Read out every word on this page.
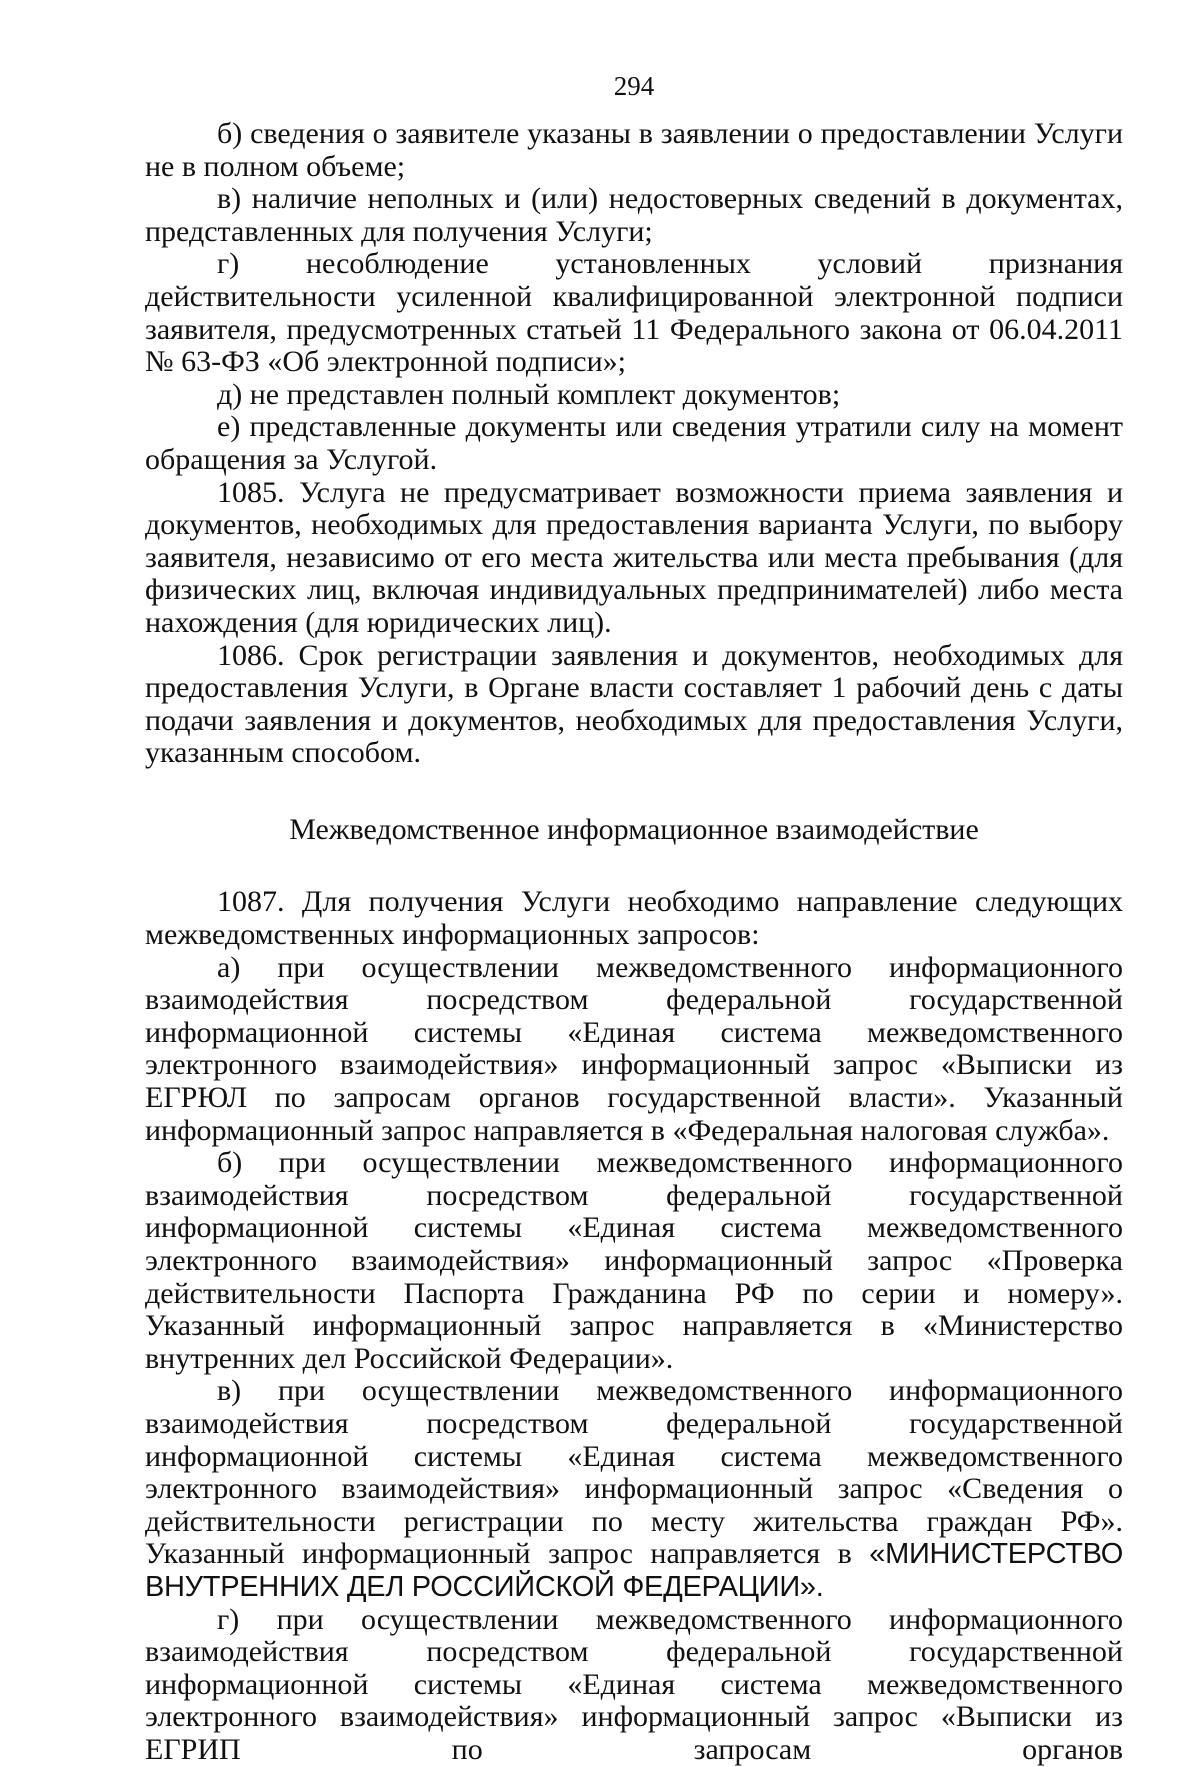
294

б) сведения о заявителе указаны в заявлении о предоставлении Услуги не в полном объеме;

в) наличие неполных и (или) недостоверных сведений в документах, представленных для получения Услуги;

г) несоблюдение установленных условий признания действительности усиленной квалифицированной электронной подписи заявителя, предусмотренных статьей 11 Федерального закона от 06.04.2011 № 63-ФЗ «Об электронной подписи»;

д) не представлен полный комплект документов;

е) представленные документы или сведения утратили силу на момент обращения за Услугой.

1085. Услуга не предусматривает возможности приема заявления и документов, необходимых для предоставления варианта Услуги, по выбору заявителя, независимо от его места жительства или места пребывания (для физических лиц, включая индивидуальных предпринимателей) либо места нахождения (для юридических лиц).

1086. Срок регистрации заявления и документов, необходимых для предоставления Услуги, в Органе власти составляет 1 рабочий день с даты подачи заявления и документов, необходимых для предоставления Услуги, указанным способом.

Межведомственное информационное взаимодействие

1087. Для получения Услуги необходимо направление следующих межведомственных информационных запросов:

а) при осуществлении межведомственного информационного взаимодействия посредством федеральной государственной информационной системы «Единая система межведомственного электронного взаимодействия» информационный запрос «Выписки из ЕГРЮЛ по запросам органов государственной власти». Указанный информационный запрос направляется в «Федеральная налоговая служба».

б) при осуществлении межведомственного информационного взаимодействия посредством федеральной государственной информационной системы «Единая система межведомственного электронного взаимодействия» информационный запрос «Проверка действительности Паспорта Гражданина РФ по серии и номеру». Указанный информационный запрос направляется в «Министерство внутренних дел Российской Федерации».

в) при осуществлении межведомственного информационного взаимодействия посредством федеральной государственной информационной системы «Единая система межведомственного электронного взаимодействия» информационный запрос «Сведения о действительности регистрации по месту жительства граждан РФ». Указанный информационный запрос направляется в «МИНИСТЕРСТВО ВНУТРЕННИХ ДЕЛ РОССИЙСКОЙ ФЕДЕРАЦИИ».

г) при осуществлении межведомственного информационного взаимодействия посредством федеральной государственной информационной системы «Единая система межведомственного электронного взаимодействия» информационный запрос «Выписки из ЕГРИП по запросам органов
